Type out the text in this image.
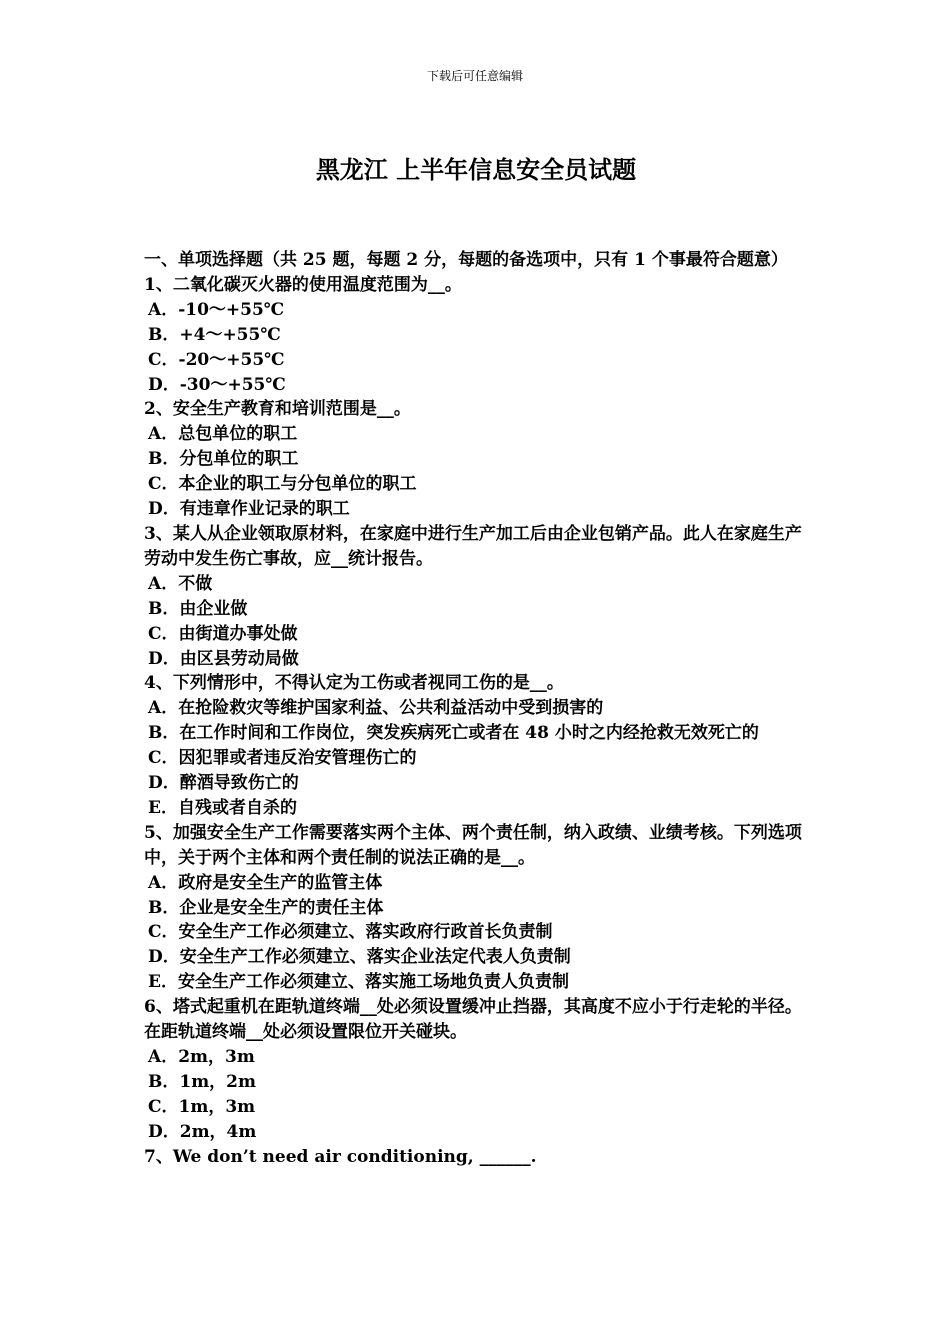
下载后可任意编辑
黑龙江 上半年信息安全员试题
一、单项选择题（共 25 题，每题 2 分，每题的备选项中，只有 1 个事最符合题意）
1、二氧化碳灭火器的使用温度范围为__。
A．-10～+55℃
B．+4～+55℃
C．-20～+55℃
D．-30～+55℃
2、安全生产教育和培训范围是__。
A．总包单位的职工
B．分包单位的职工
C．本企业的职工与分包单位的职工
D．有违章作业记录的职工
3、某人从企业领取原材料，在家庭中进行生产加工后由企业包销产品。此人在家庭生产劳动中发生伤亡事故，应__统计报告。
A．不做
B．由企业做
C．由街道办事处做
D．由区县劳动局做
4、下列情形中，不得认定为工伤或者视同工伤的是__。
A．在抢险救灾等维护国家利益、公共利益活动中受到损害的
B．在工作时间和工作岗位，突发疾病死亡或者在 48 小时之内经抢救无效死亡的
C．因犯罪或者违反治安管理伤亡的
D．醉酒导致伤亡的
E．自残或者自杀的
5、加强安全生产工作需要落实两个主体、两个责任制，纳入政绩、业绩考核。下列选项中，关于两个主体和两个责任制的说法正确的是__。
A．政府是安全生产的监管主体
B．企业是安全生产的责任主体
C．安全生产工作必须建立、落实政府行政首长负责制
D．安全生产工作必须建立、落实企业法定代表人负责制
E．安全生产工作必须建立、落实施工场地负责人负责制
6、塔式起重机在距轨道终端__处必须设置缓冲止挡器，其高度不应小于行走轮的半径。在距轨道终端__处必须设置限位开关碰块。
A．2m，3m
B．1m，2m
C．1m，3m
D．2m，4m
7、We don’t need air conditioning, ______.
